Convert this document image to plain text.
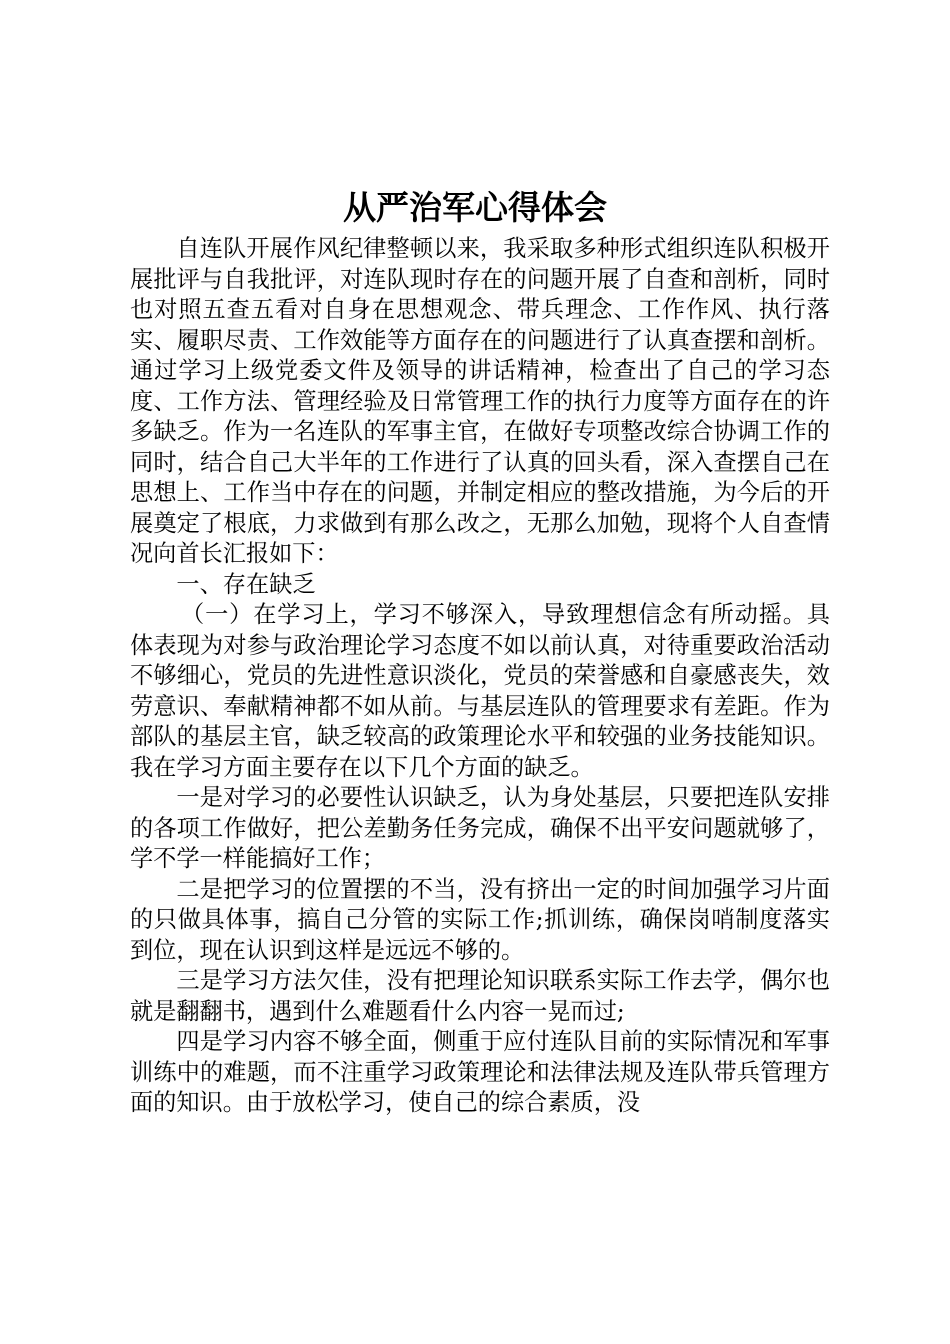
从严治军心得体会

自连队开展作风纪律整顿以来，我采取多种形式组织连队积极开展批评与自我批评，对连队现时存在的问题开展了自查和剖析，同时也对照五查五看对自身在思想观念、带兵理念、工作作风、执行落实、履职尽责、工作效能等方面存在的问题进行了认真查摆和剖析。通过学习上级党委文件及领导的讲话精神，检查出了自己的学习态度、工作方法、管理经验及日常管理工作的执行力度等方面存在的许多缺乏。作为一名连队的军事主官，在做好专项整改综合协调工作的同时，结合自己大半年的工作进行了认真的回头看，深入查摆自己在思想上、工作当中存在的问题，并制定相应的整改措施，为今后的开展奠定了根底，力求做到有那么改之，无那么加勉，现将个人自查情况向首长汇报如下：

一、存在缺乏

（一）在学习上，学习不够深入，导致理想信念有所动摇。具体表现为对参与政治理论学习态度不如以前认真，对待重要政治活动不够细心，党员的先进性意识淡化，党员的荣誉感和自豪感丧失，效劳意识、奉献精神都不如从前。与基层连队的管理要求有差距。作为部队的基层主官，缺乏较高的政策理论水平和较强的业务技能知识。我在学习方面主要存在以下几个方面的缺乏。

一是对学习的必要性认识缺乏，认为身处基层，只要把连队安排的各项工作做好，把公差勤务任务完成，确保不出平安问题就够了，学不学一样能搞好工作；

二是把学习的位置摆的不当，没有挤出一定的时间加强学习片面的只做具体事，搞自己分管的实际工作;抓训练，确保岗哨制度落实到位，现在认识到这样是远远不够的。

三是学习方法欠佳，没有把理论知识联系实际工作去学，偶尔也就是翻翻书，遇到什么难题看什么内容一晃而过;

四是学习内容不够全面，侧重于应付连队目前的实际情况和军事训练中的难题，而不注重学习政策理论和法律法规及连队带兵管理方面的知识。由于放松学习，使自己的综合素质，没
